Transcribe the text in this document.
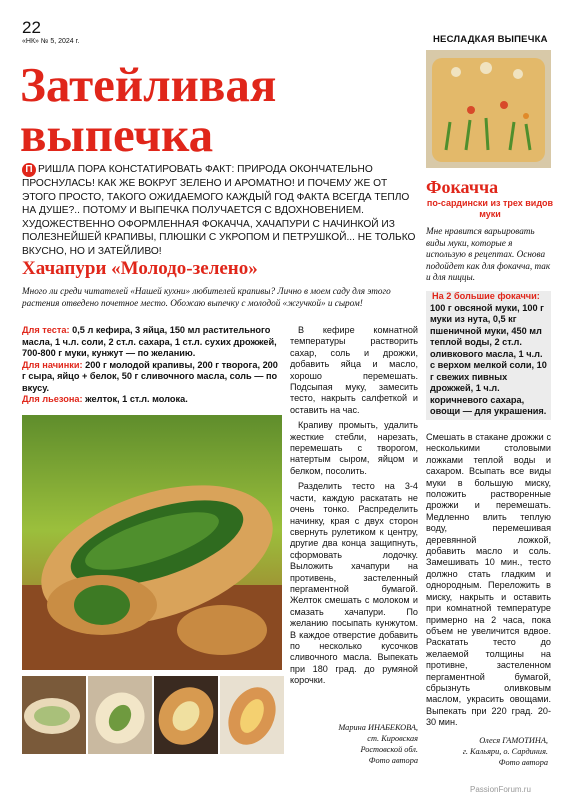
22
«НК» № 5, 2024 г.	НЕСЛАДКАЯ ВЫПЕЧКА
Затейливая
выпечка
П РИШЛА ПОРА КОНСТАТИРОВАТЬ ФАКТ: ПРИРОДА ОКОНЧАТЕЛЬНО ПРОСНУЛАСЬ! КАК ЖЕ ВОКРУГ ЗЕЛЕНО И АРОМАТНО! И ПОЧЕМУ ЖЕ ОТ ЭТОГО ПРОСТО, ТАКОГО ОЖИДАЕМОГО КАЖДЫЙ ГОД ФАКТА ВСЕГДА ТЕПЛО НА ДУШЕ?.. ПОТОМУ И ВЫПЕЧКА ПОЛУЧАЕТСЯ С ВДОХНОВЕНИЕМ. ХУДОЖЕСТВЕННО ОФОРМЛЕННАЯ ФОКАЧЧА, ХАЧАПУРИ С НАЧИНКОЙ ИЗ ПОЛЕЗНЕЙШЕЙ КРАПИВЫ, ПЛЮШКИ С УКРОПОМ И ПЕТРУШКОЙ... НЕ ТОЛЬКО ВКУСНО, НО И ЗАТЕЙЛИВО!
Хачапури «Молодо-зелено»
Много ли среди читателей «Нашей кухни» любителей крапивы? Лично в моем саду для этого растения отведено почетное место. Обожаю выпечку с молодой «жгучкой» и сыром!
Для теста: 0,5 л кефира, 3 яйца, 150 мл растительного масла, 1 ч.л. соли, 2 ст.л. сахара, 1 ст.л. сухих дрожжей, 700-800 г муки, кунжут — по желанию.
Для начинки: 200 г молодой крапивы, 200 г творога, 200 г сыра, яйцо + белок, 50 г сливочного масла, соль — по вкусу.
Для льезона: желток, 1 ст.л. молока.

В кефире комнатной температуры растворить сахар, соль и дрожжи, добавить яйца и масло, хорошо перемешать. Подсыпая муку, замесить тесто, накрыть салфеткой и оставить на час.

Крапиву промыть, удалить жесткие стебли, нарезать, перемешать с творогом, натертым сыром, яйцом и белком, посолить.

Разделить тесто на 3-4 части, каждую раскатать не очень тонко. Распределить начинку, края с двух сторон свернуть рулетиком к центру, другие два конца защипнуть, сформовать лодочку. Выложить хачапури на противень, застеленный пергаментной бумагой. Желток смешать с молоком и смазать хачапури. По желанию посыпать кунжутом. В каждое отверстие добавить по несколько кусочков сливочного масла. Выпекать при 180 град. до румяной корочки.

Марина ИНАБЕКОВА,
ст. Кировская
Ростовской обл.
Фото автора
Фокачча
по-сардински из трех видов муки
Мне нравится варьировать виды муки, которые я использую в рецептах. Основа подойдет как для фокачча, так и для пиццы.
На 2 большие фокаччи:
100 г овсяной муки, 100 г муки из нута, 0,5 кг пшеничной муки, 450 мл теплой воды, 2 ст.л. оливкового масла, 1 ч.л. с верхом мелкой соли, 10 г свежих пивных дрожжей, 1 ч.л. коричневого сахара, овощи — для украшения.
Смешать в стакане дрожжи с несколькими столовыми ложками теплой воды и сахаром. Всыпать все виды муки в большую миску, положить растворенные дрожжи и перемешать. Медленно влить теплую воду, перемешивая деревянной ложкой, добавить масло и соль. Замешивать 10 мин., тесто должно стать гладким и однородным. Переложить в миску, накрыть и оставить при комнатной температуре примерно на 2 часа, пока объем не увеличится вдвое. Раскатать тесто до желаемой толщины на противне, застеленном пергаментной бумагой, сбрызнуть оливковым маслом, украсить овощами. Выпекать при 220 град. 20-30 мин.
Олеся ГАМОТИНА,
г. Кальяри, о. Сардиния.
Фото автора
PassionForum.ru
